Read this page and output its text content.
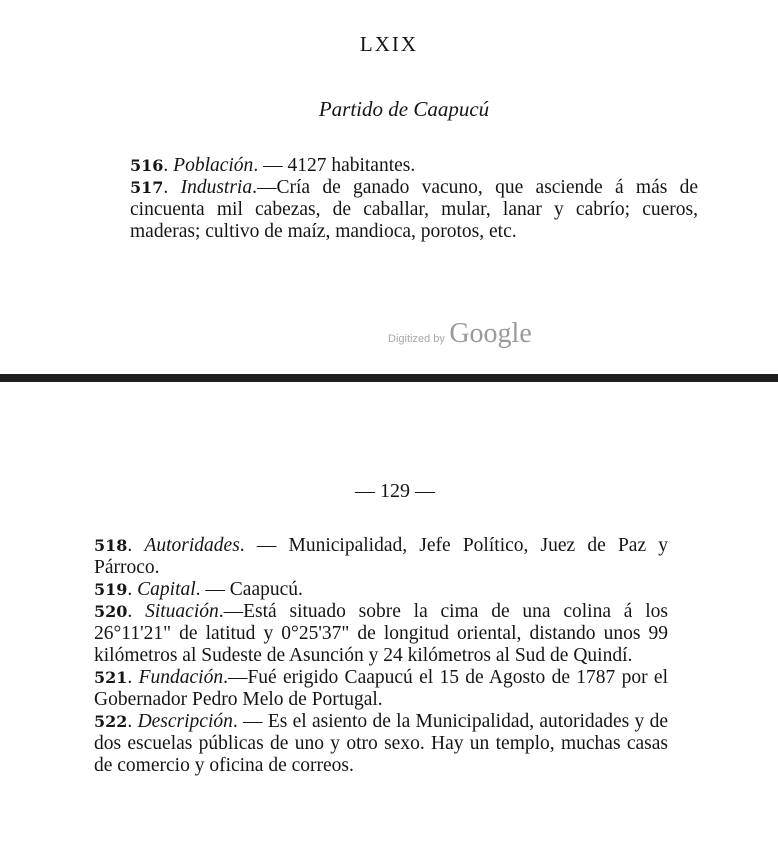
LXIX
Partido de Caapucú

516. Población. — 4127 habitantes.

517. Industria.—Cría de ganado vacuno, que asciende á más de cincuenta mil cabezas, de caballar, mular, lanar y cabrío; cueros, maderas; cultivo de maíz, mandioca, porotos, etc.

Digitized by Google
— 129 —

518. Autoridades. — Municipalidad, Jefe Político, Juez de Paz y Párroco.

519. Capital. — Caapucú.

520. Situación.—Está situado sobre la cima de una colina á los 26°11'21" de latitud y 0°25'37" de longitud oriental, distando unos 99 kilómetros al Sudeste de Asunción y 24 kilómetros al Sud de Quindí.

521. Fundación.—Fué erigido Caapucú el 15 de Agosto de 1787 por el Gobernador Pedro Melo de Portugal.

522. Descripción. — Es el asiento de la Municipalidad, autoridades y de dos escuelas públicas de uno y otro sexo. Hay un templo, muchas casas de comercio y oficina de correos.
